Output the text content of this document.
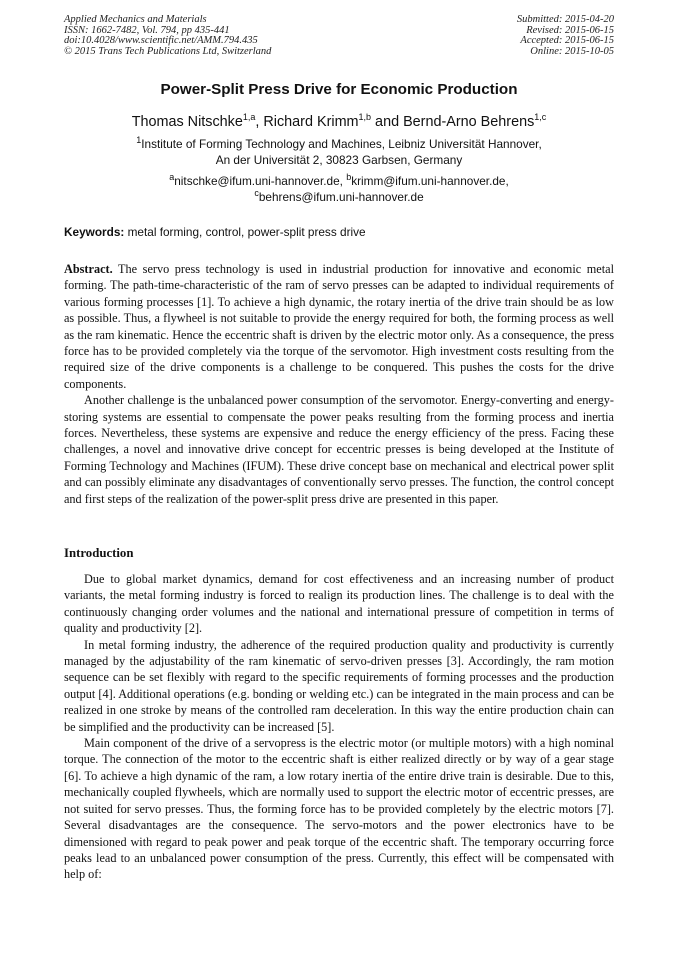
Applied Mechanics and Materials
ISSN: 1662-7482, Vol. 794, pp 435-441
doi:10.4028/www.scientific.net/AMM.794.435
© 2015 Trans Tech Publications Ltd, Switzerland
Submitted: 2015-04-20
Revised: 2015-06-15
Accepted: 2015-06-15
Online: 2015-10-05
Power-Split Press Drive for Economic Production
Thomas Nitschke$^{1,a}$, Richard Krimm$^{1,b}$ and Bernd-Arno Behrens$^{1,c}$
$^1$Institute of Forming Technology and Machines, Leibniz Universität Hannover,
An der Universität 2, 30823 Garbsen, Germany
$^a$nitschke@ifum.uni-hannover.de, $^b$krimm@ifum.uni-hannover.de,
$^c$behrens@ifum.uni-hannover.de
Keywords: metal forming, control, power-split press drive

Abstract. The servo press technology is used in industrial production for innovative and economic metal forming. The path-time-characteristic of the ram of servo presses can be adapted to individual requirements of various forming processes [1]. To achieve a high dynamic, the rotary inertia of the drive train should be as low as possible. Thus, a flywheel is not suitable to provide the energy required for both, the forming process as well as the ram kinematic. Hence the eccentric shaft is driven by the electric motor only. As a consequence, the press force has to be provided completely via the torque of the servomotor. High investment costs resulting from the required size of the drive components is a challenge to be conquered. This pushes the costs for the drive components.

Another challenge is the unbalanced power consumption of the servomotor. Energy-converting and energy-storing systems are essential to compensate the power peaks resulting from the forming process and inertia forces. Nevertheless, these systems are expensive and reduce the energy efficiency of the press. Facing these challenges, a novel and innovative drive concept for eccentric presses is being developed at the Institute of Forming Technology and Machines (IFUM). These drive concept base on mechanical and electrical power split and can possibly eliminate any disadvantages of conventionally servo presses. The function, the control concept and first steps of the realization of the power-split press drive are presented in this paper.

Introduction

Due to global market dynamics, demand for cost effectiveness and an increasing number of product variants, the metal forming industry is forced to realign its production lines. The challenge is to deal with the continuously changing order volumes and the national and international pressure of competition in terms of quality and productivity [2].

In metal forming industry, the adherence of the required production quality and productivity is currently managed by the adjustability of the ram kinematic of servo-driven presses [3]. Accordingly, the ram motion sequence can be set flexibly with regard to the specific requirements of forming processes and the production output [4]. Additional operations (e.g. bonding or welding etc.) can be integrated in the main process and can be realized in one stroke by means of the controlled ram deceleration. In this way the entire production chain can be simplified and the productivity can be increased [5].

Main component of the drive of a servopress is the electric motor (or multiple motors) with a high nominal torque. The connection of the motor to the eccentric shaft is either realized directly or by way of a gear stage [6]. To achieve a high dynamic of the ram, a low rotary inertia of the entire drive train is desirable. Due to this, mechanically coupled flywheels, which are normally used to support the electric motor of eccentric presses, are not suited for servo presses. Thus, the forming force has to be provided completely by the electric motors [7]. Several disadvantages are the consequence. The servo-motors and the power electronics have to be dimensioned with regard to peak power and peak torque of the eccentric shaft. The temporary occurring force peaks lead to an unbalanced power consumption of the press. Currently, this effect will be compensated with help of:
